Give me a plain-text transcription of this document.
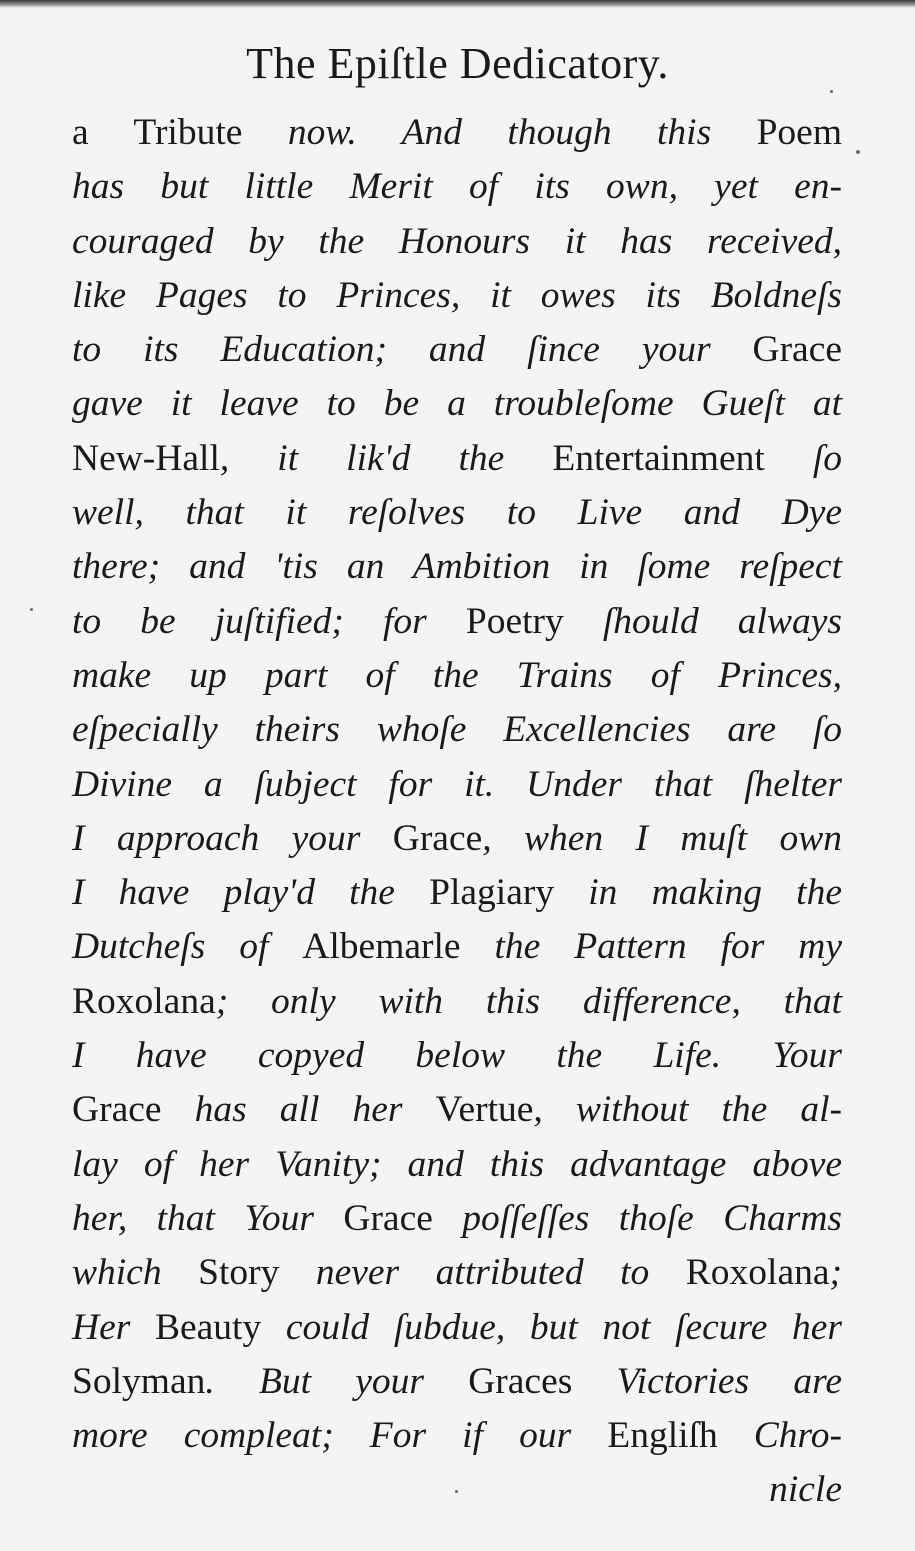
The Epiſtle Dedicatory.
a Tribute now. And though this Poem
has but little Merit of its own, yet en-
couraged by the Honours it has received,
like Pages to Princes, it owes its Boldneſs
to its Education; and ſince your Grace
gave it leave to be a troubleſome Gueſt at
New-Hall, it lik'd the Entertainment ſo
well, that it reſolves to Live and Dye
there; and 'tis an Ambition in ſome reſpect
to be juſtified; for Poetry ſhould always
make up part of the Trains of Princes,
eſpecially theirs whoſe Excellencies are ſo
Divine a ſubject for it. Under that ſhelter
I approach your Grace, when I muſt own
I have play'd the Plagiary in making the
Dutcheſs of Albemarle the Pattern for my
Roxolana; only with this difference, that
I have copyed below the Life. Your
Grace has all her Vertue, without the al-
lay of her Vanity; and this advantage above
her, that Your Grace poſſeſſes thoſe Charms
which Story never attributed to Roxolana;
Her Beauty could ſubdue, but not ſecure her
Solyman. But your Graces Victories are
more compleat; For if our Engliſh Chro-
nicle
